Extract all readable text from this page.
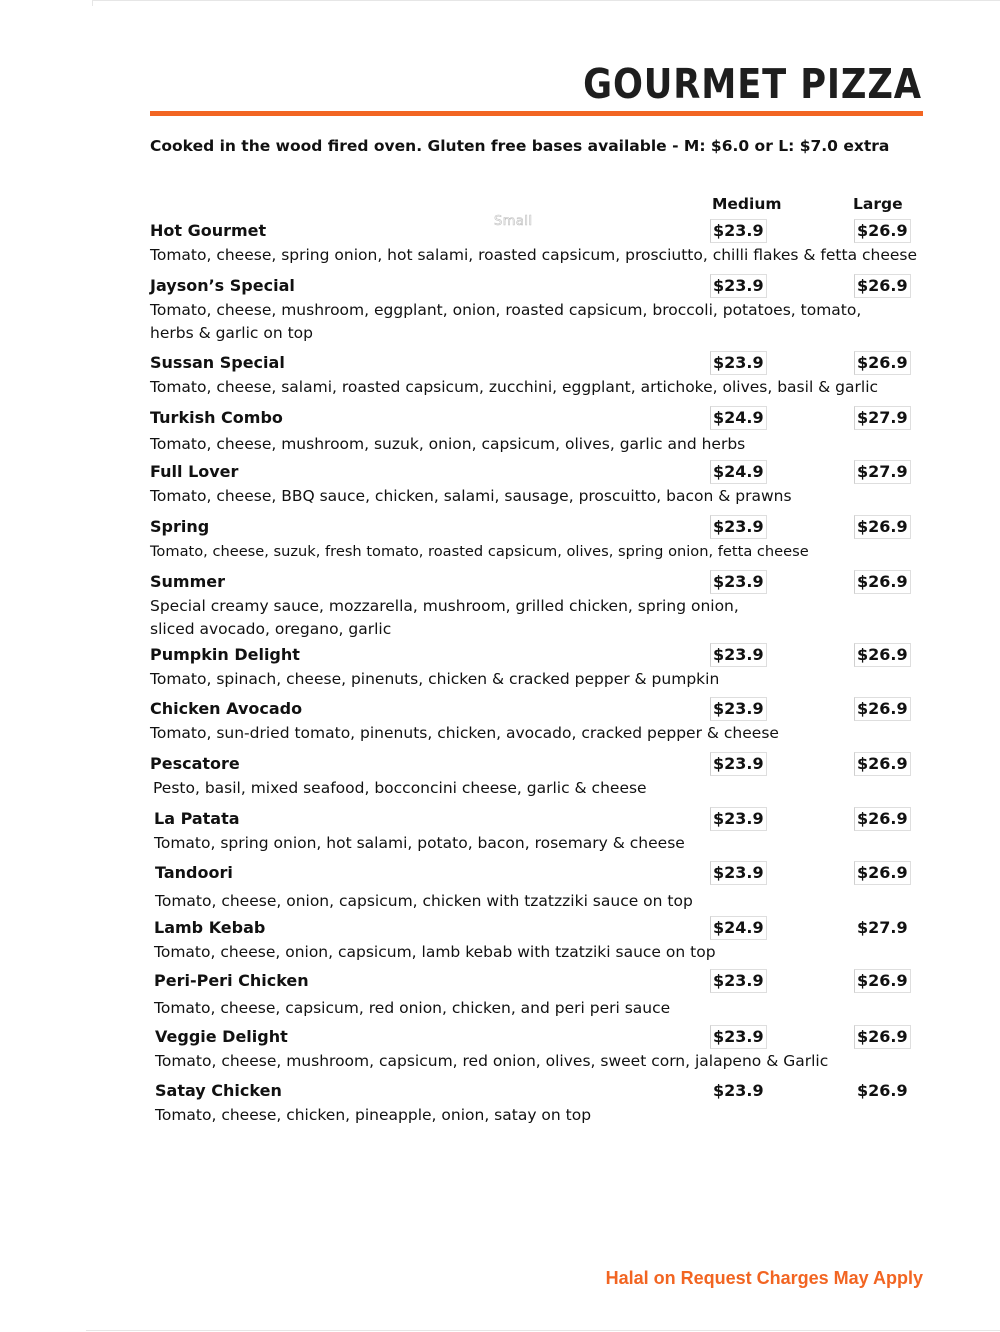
GOURMET PIZZA
Cooked in the wood fired oven. Gluten free bases available - M: $6.0 or L: $7.0 extra
Medium	Large
Small
Hot Gourmet
Tomato, cheese, spring onion, hot salami, roasted capsicum, prosciutto, chilli flakes & fetta cheese
$23.9	$26.9
Jayson’s Special
Tomato, cheese, mushroom, eggplant, onion, roasted capsicum, broccoli, potatoes, tomato, herbs & garlic on top
$23.9	$26.9
Sussan Special
Tomato, cheese, salami, roasted capsicum, zucchini, eggplant, artichoke, olives, basil & garlic
$23.9	$26.9
Turkish Combo
Tomato, cheese, mushroom, suzuk, onion, capsicum, olives, garlic and herbs
$24.9	$27.9
Full Lover
Tomato, cheese, BBQ sauce, chicken, salami, sausage, proscuitto, bacon & prawns
$24.9	$27.9
Spring
Tomato, cheese, suzuk, fresh tomato, roasted capsicum, olives, spring onion, fetta cheese
$23.9	$26.9
Summer
Special creamy sauce, mozzarella, mushroom, grilled chicken, spring onion, sliced avocado, oregano, garlic
$23.9	$26.9
Pumpkin Delight
Tomato, spinach, cheese, pinenuts, chicken & cracked pepper & pumpkin
$23.9	$26.9
Chicken Avocado
Tomato, sun-dried tomato, pinenuts, chicken, avocado, cracked pepper & cheese
$23.9	$26.9
Pescatore
Pesto, basil, mixed seafood, bocconcini cheese, garlic & cheese
$23.9	$26.9
La Patata
Tomato, spring onion, hot salami, potato, bacon, rosemary & cheese
$23.9	$26.9
Tandoori
Tomato, cheese, onion, capsicum, chicken with tzatzziki sauce on top
$23.9	$26.9
Lamb Kebab
Tomato, cheese, onion, capsicum, lamb kebab with tzatziki sauce on top
$24.9	$27.9
Peri-Peri Chicken
Tomato, cheese, capsicum, red onion, chicken, and peri peri sauce
$23.9	$26.9
Veggie Delight
Tomato, cheese, mushroom, capsicum, red onion, olives, sweet corn, jalapeno & Garlic
$23.9	$26.9
Satay Chicken
Tomato, cheese, chicken, pineapple, onion, satay on top
$23.9	$26.9
Halal on Request Charges May Apply
